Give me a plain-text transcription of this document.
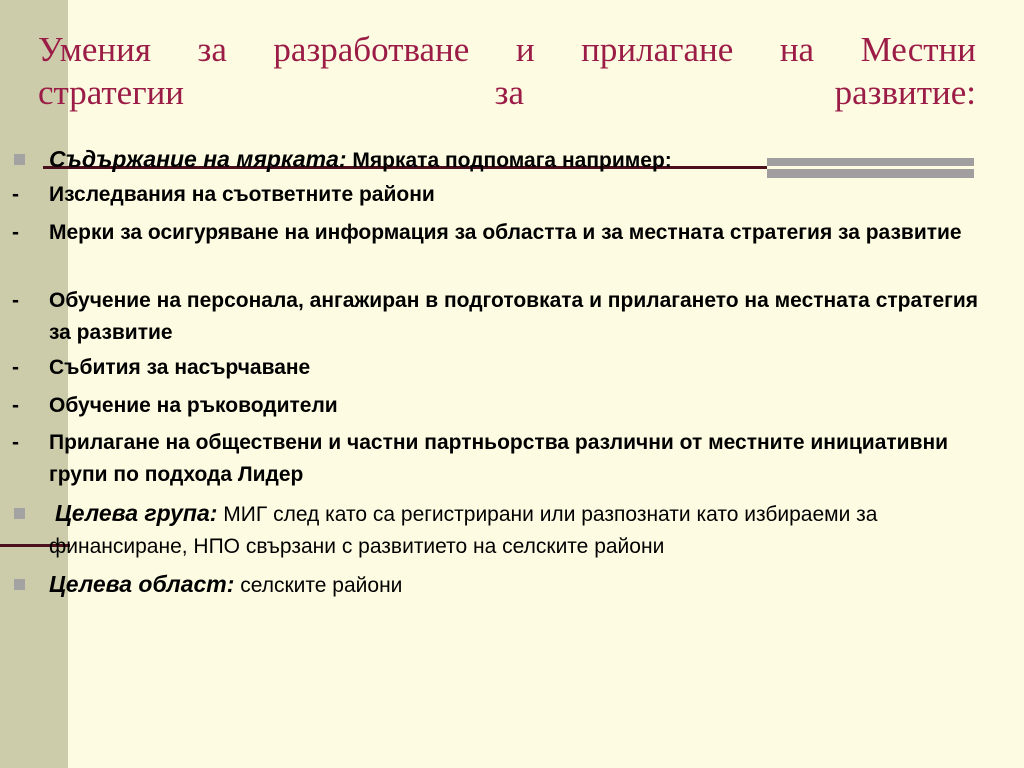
Умения за разработване и прилагане на Местни
стратегии за развитие:
Съдържание на мярката: Мярката подпомага например:
- Изследвания на съответните райони
- Мерки за осигуряване на информация за областта и за местната стратегия за развитие
- Обучение на персонала, ангажиран в подготовката и прилагането на местната стратегия за развитие
- Събития за насърчаване
- Обучение на ръководители
- Прилагане на обществени и частни партньорства различни от местните инициативни групи по подхода Лидер
Целева група: МИГ след като са регистрирани или разпознати като избираеми за финансиране, НПО свързани с развитието на селските райони
Целева област: селските райони
